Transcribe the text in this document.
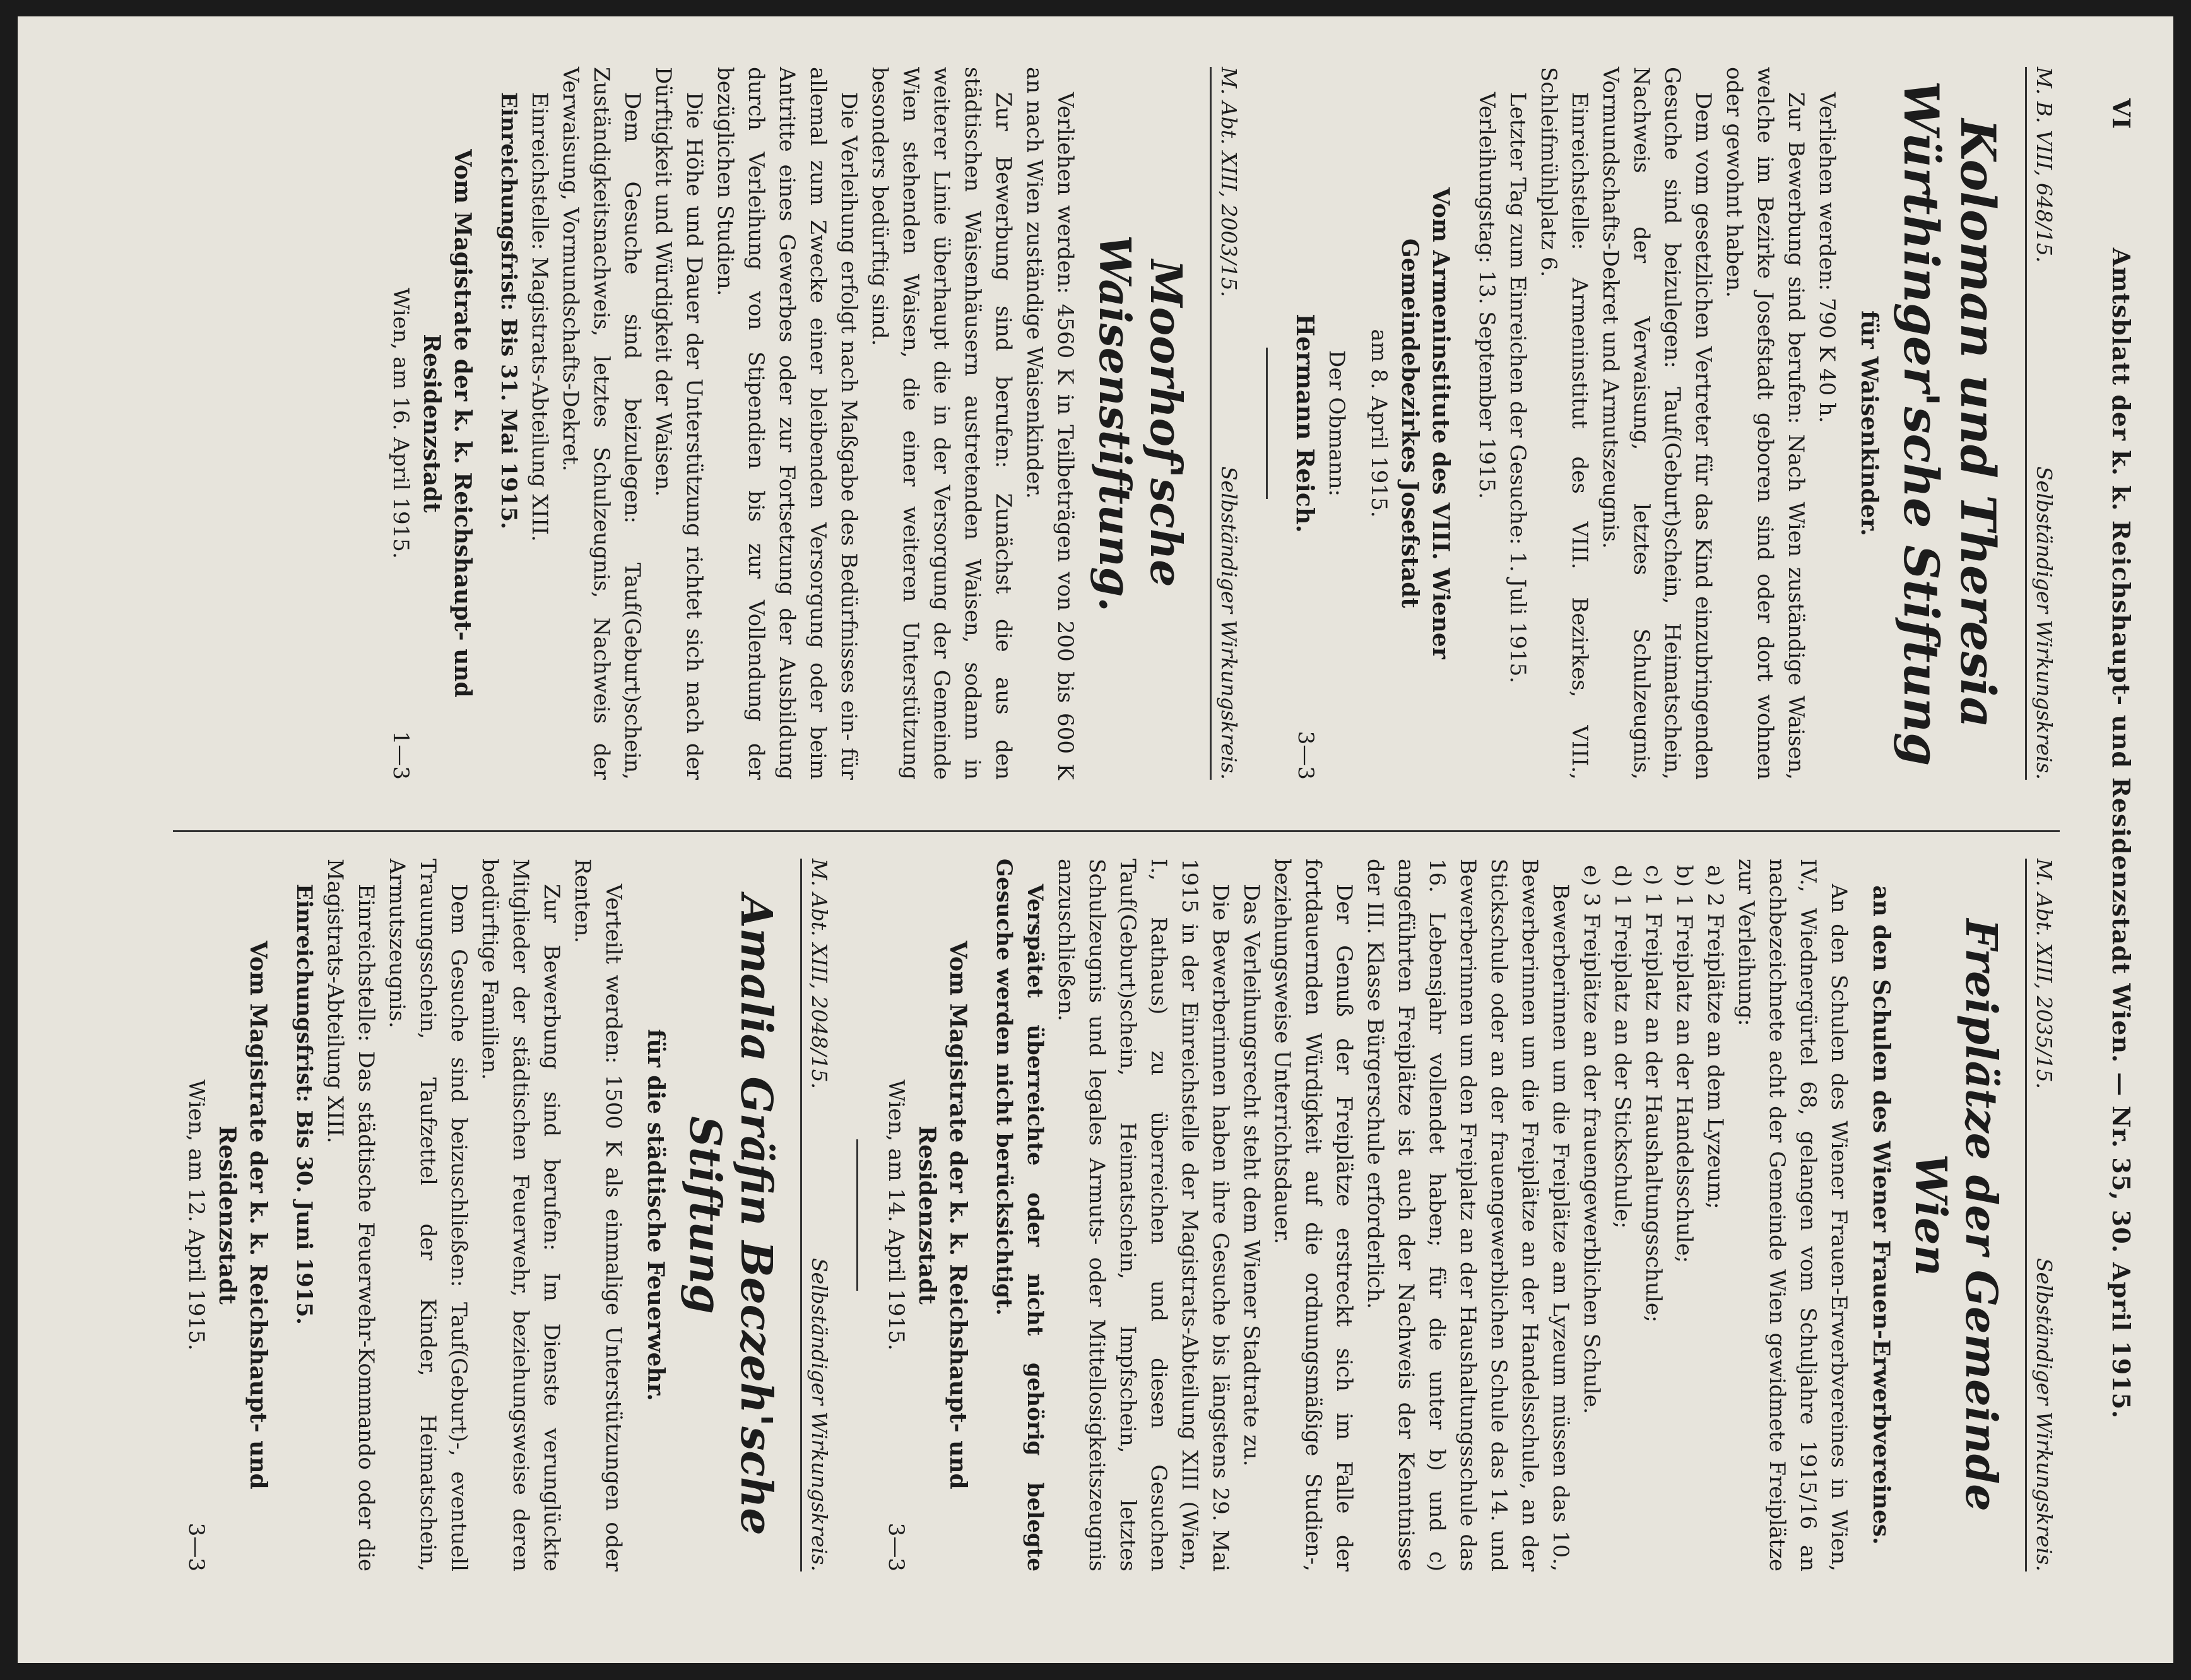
VI
Amtsblatt der k. k. Reichshaupt- und Residenzstadt Wien. — Nr. 35, 30. April 1915.
M. B. VIII, 648/15.
Selbständiger Wirkungskreis.
Koloman und Theresia Würthinger'sche Stiftung
für Waisenkinder.

Verliehen werden: 790 K 40 h.

Zur Bewerbung sind berufen: Nach Wien zuständige Waisen, welche im Bezirke Josefstadt geboren sind oder dort wohnen oder gewohnt haben.

Dem vom gesetzlichen Vertreter für das Kind einzubringenden Gesuche sind beizulegen: Tauf(Geburt)schein, Heimatschein, Nachweis der Verwaisung, letztes Schulzeugnis, Vormundschafts-Dekret und Armutszeugnis.

Einreichstelle: Armeninstitut des VIII. Bezirkes, VIII., Schleifmühlplatz 6.

Letzter Tag zum Einreichen der Gesuche: 1. Juli 1915.

Verleihungstag: 13. September 1915.

Vom Armeninstitute des VIII. Wiener Gemeindebezirkes Josefstadt
am 8. April 1915.
Der Obmann:
Hermann Reich.
3—3
M. Abt. XIII, 2003/15.
Selbständiger Wirkungskreis.
Moorhof'sche Waisenstiftung.

Verliehen werden: 4560 K in Teilbeträgen von 200 bis 600 K an nach Wien zuständige Waisenkinder.

Zur Bewerbung sind berufen: Zunächst die aus den städtischen Waisenhäusern austretenden Waisen, sodann in weiterer Linie überhaupt die in der Versorgung der Gemeinde Wien stehenden Waisen, die einer weiteren Unterstützung besonders bedürftig sind.

Die Verleihung erfolgt nach Maßgabe des Bedürfnisses ein- für allemal zum Zwecke einer bleibenden Versorgung oder beim Antritte eines Gewerbes oder zur Fortsetzung der Ausbildung durch Verleihung von Stipendien bis zur Vollendung der bezüglichen Studien.

Die Höhe und Dauer der Unterstützung richtet sich nach der Dürftigkeit und Würdigkeit der Waisen.

Dem Gesuche sind beizulegen: Tauf(Geburt)schein, Zuständigkeitsnachweis, letztes Schulzeugnis, Nachweis der Verwaisung, Vormundschafts-Dekret.

Einreichstelle: Magistrats-Abteilung XIII.

Einreichungsfrist: Bis 31. Mai 1915.

Vom Magistrate der k. k. Reichshaupt- und Residenzstadt
Wien, am 16. April 1915.
1—3
M. Abt. XIII, 2035/15.
Selbständiger Wirkungskreis.
Freiplätze der Gemeinde Wien
an den Schulen des Wiener Frauen-Erwerbvereines.

An den Schulen des Wiener Frauen-Erwerbvereines in Wien, IV., Wiednergürtel 68, gelangen vom Schuljahre 1915/16 an nachbezeichnete acht der Gemeinde Wien gewidmete Freiplätze zur Verleihung:

a) 2 Freiplätze an dem Lyzeum;
b) 1 Freiplatz an der Handelsschule;
c) 1 Freiplatz an der Haushaltungsschule;
d) 1 Freiplatz an der Stickschule;
e) 3 Freiplätze an der frauengewerblichen Schule.

Bewerberinnen um die Freiplätze am Lyzeum müssen das 10., Bewerberinnen um die Freiplätze an der Handelsschule, an der Stickschule oder an der frauengewerblichen Schule das 14. und Bewerberinnen um den Freiplatz an der Haushaltungsschule das 16. Lebensjahr vollendet haben; für die unter b) und c) angeführten Freiplätze ist auch der Nachweis der Kenntnisse der III. Klasse Bürgerschule erforderlich.

Der Genuß der Freiplätze erstreckt sich im Falle der fortdauernden Würdigkeit auf die ordnungsmäßige Studien-, beziehungsweise Unterrichtsdauer.

Das Verleihungsrecht steht dem Wiener Stadtrate zu.

Die Bewerberinnen haben ihre Gesuche bis längstens 29. Mai 1915 in der Einreichstelle der Magistrats-Abteilung XIII (Wien, I., Rathaus) zu überreichen und diesen Gesuchen Tauf(Geburt)schein, Heimatschein, Impfschein, letztes Schulzeugnis und legales Armuts- oder Mittellosigkeitszeugnis anzuschließen.

Verspätet überreichte oder nicht gehörig belegte Gesuche werden nicht berücksichtigt.

Vom Magistrate der k. k. Reichshaupt- und Residenzstadt
Wien, am 14. April 1915.
3—3
M. Abt. XIII, 2048/15.
Selbständiger Wirkungskreis.
Amalia Gräfin Beczeh'sche Stiftung
für die städtische Feuerwehr.

Verteilt werden: 1500 K als einmalige Unterstützungen oder Renten.

Zur Bewerbung sind berufen: Im Dienste verunglückte Mitglieder der städtischen Feuerwehr, beziehungsweise deren bedürftige Familien.

Dem Gesuche sind beizuschließen: Tauf(Geburt)-, eventuell Trauungsschein, Taufzettel der Kinder, Heimatschein, Armutszeugnis.

Einreichstelle: Das städtische Feuerwehr-Kommando oder die Magistrats-Abteilung XIII.

Einreichungsfrist: Bis 30. Juni 1915.

Vom Magistrate der k. k. Reichshaupt- und Residenzstadt
Wien, am 12. April 1915.
3—3
